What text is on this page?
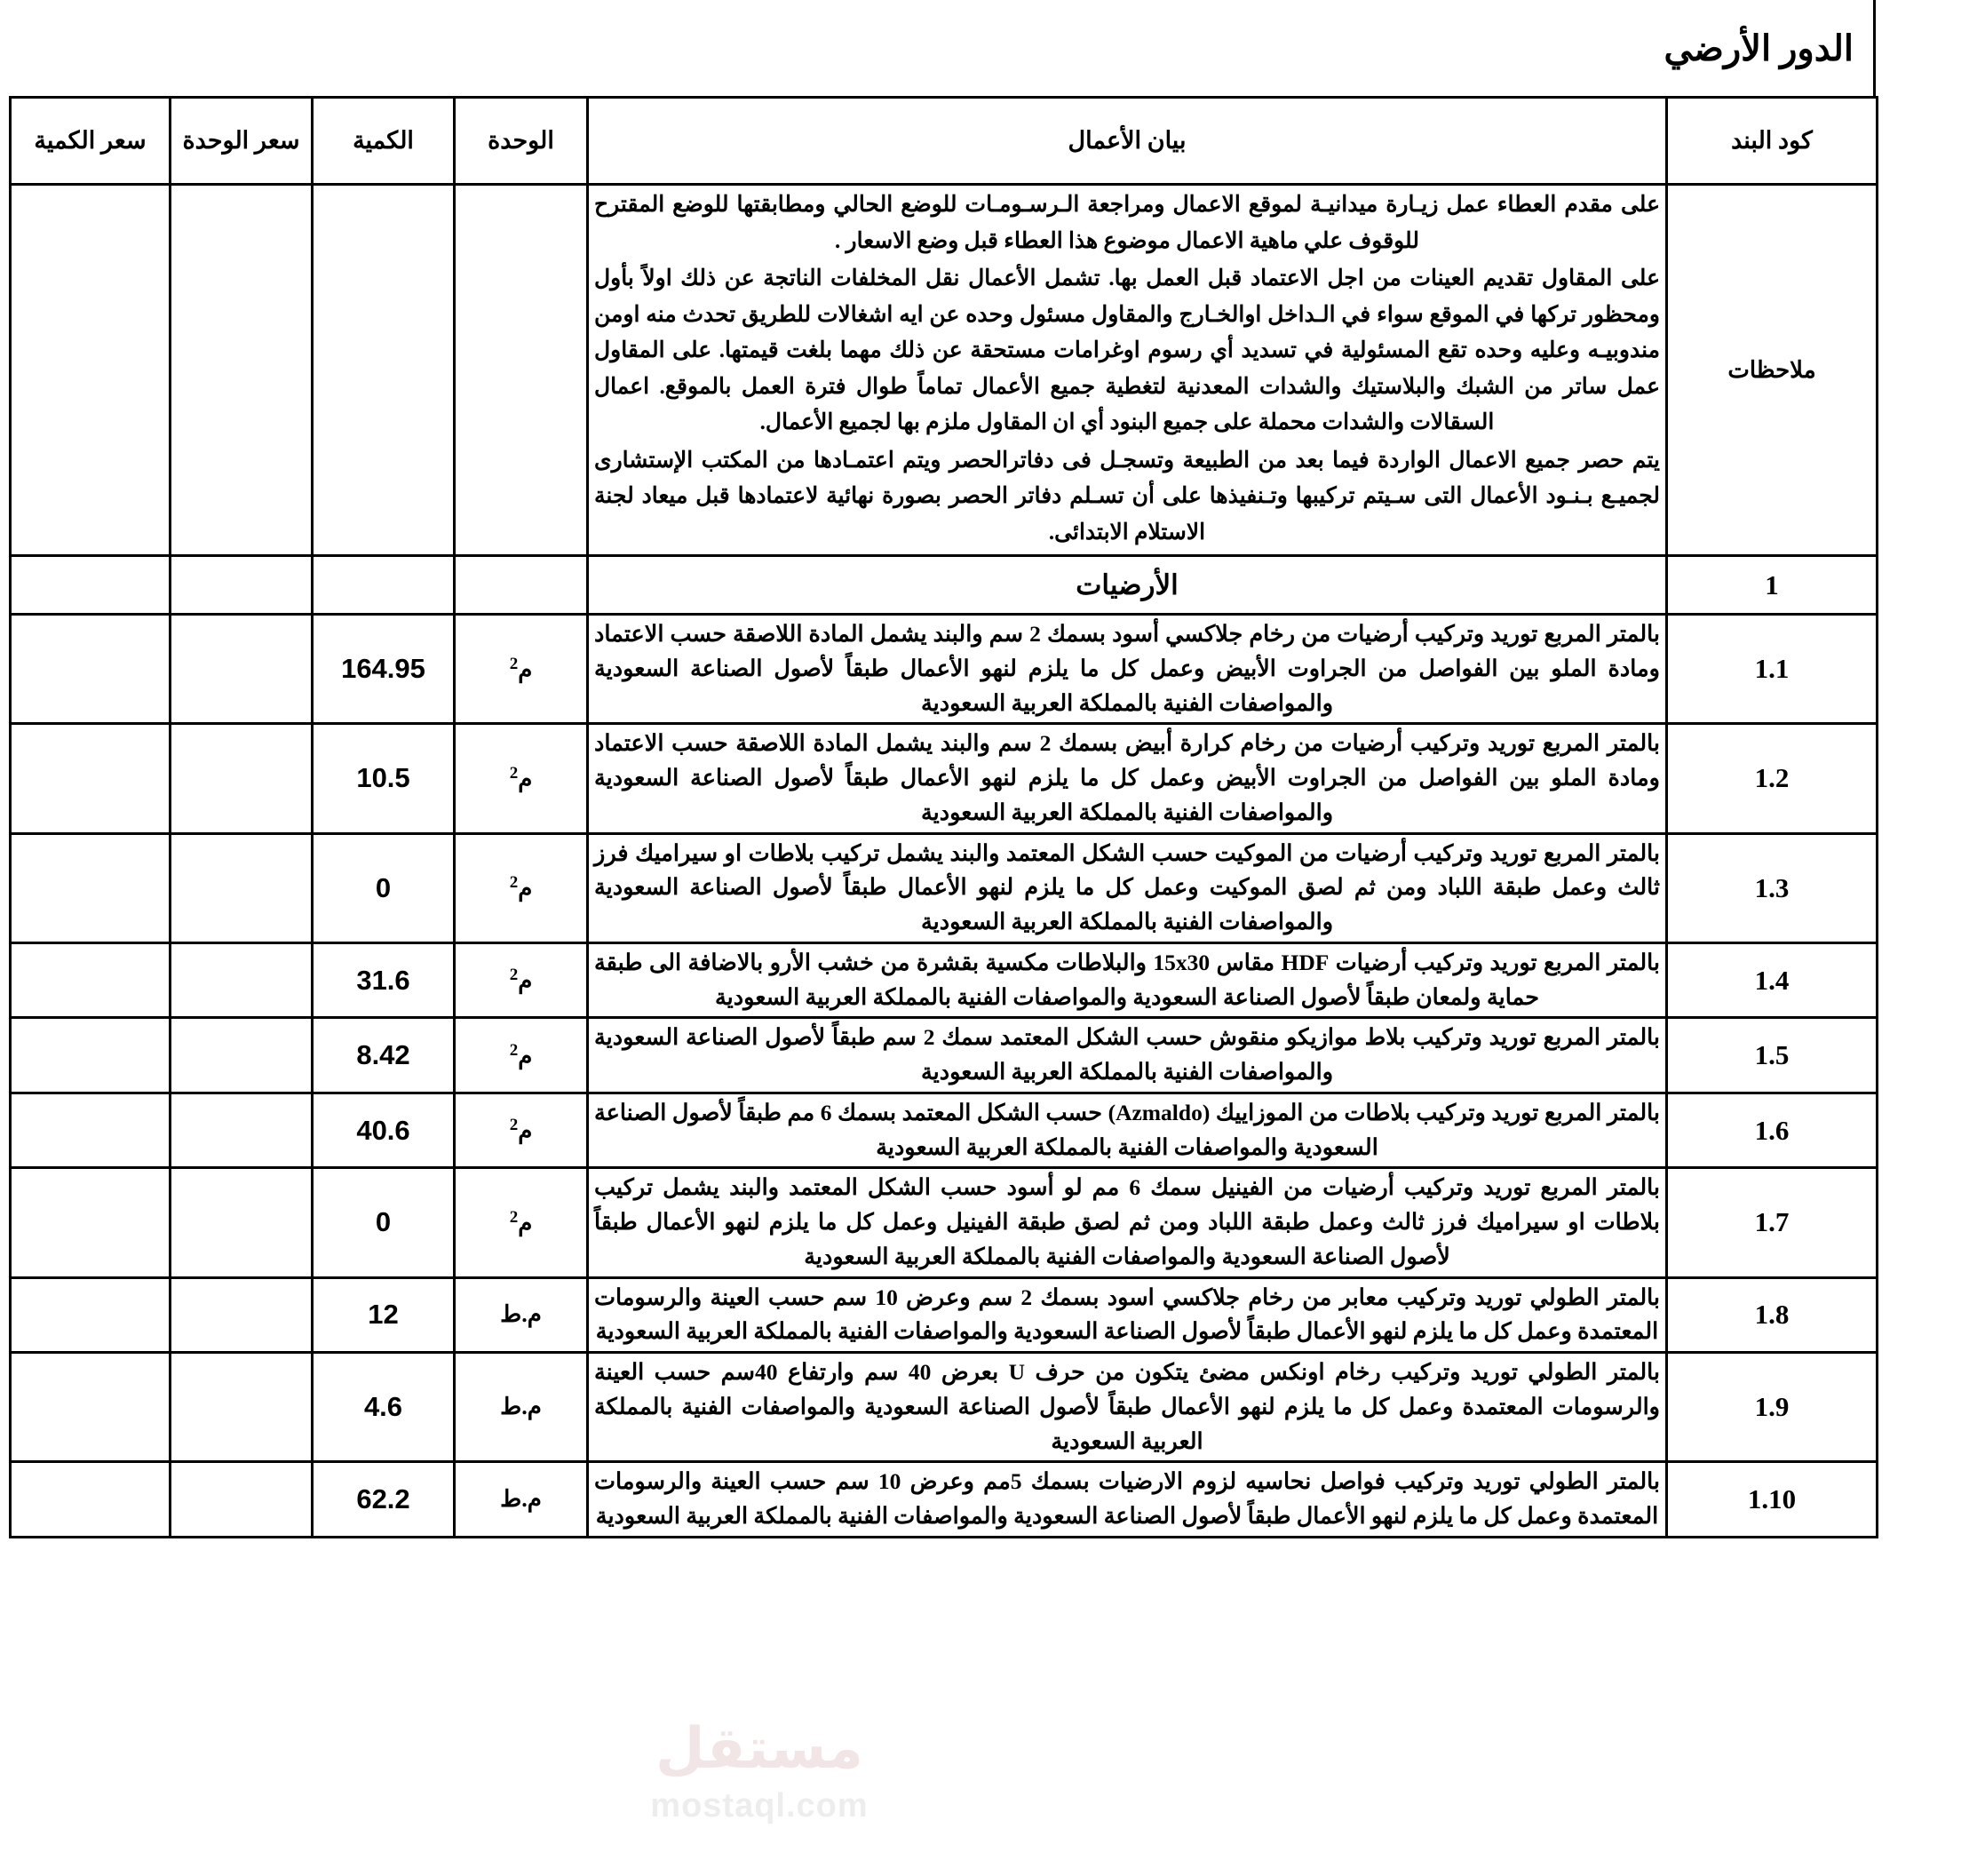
الدور الأرضي
كود البند	بيان الأعمال	الوحدة	الكمية	سعر الوحدة	سعر الكمية
ملاحظات	على مقدم العطاء عمل زيـارة ميدانيـة لموقع الاعمال ومراجعة الـرسـومـات للوضع الحالي ومطابقتها للوضع المقترح للوقوف علي ماهية الاعمال موضوع هذا العطاء قبل وضع الاسعار .

على المقاول تقديم العينات من اجل الاعتماد قبل العمل بها. تشمل الأعمال نقل المخلفات الناتجة عن ذلك اولاً بأول ومحظور تركها في الموقع سواء في الـداخل اوالخـارج والمقاول مسئول وحده عن ايه اشغالات للطريق تحدث منه اومن مندوبيـه وعليه وحده تقع المسئولية في تسديد أي رسوم اوغرامات مستحقة عن ذلك مهما بلغت قيمتها. على المقاول عمل ساتر من الشبك والبلاستيك والشدات المعدنية لتغطية جميع الأعمال تماماً طوال فترة العمل بالموقع. اعمال السقالات والشدات محملة على جميع البنود أي ان المقاول ملزم بها لجميع الأعمال.

يتم حصر جميع الاعمال الواردة فيما بعد من الطبيعة وتسجـل فى دفاترالحصر ويتم اعتمـادها من المكتب الإستشارى لجميـع بـنـود الأعمال التى سـيتم تركيبها وتـنفيذها على أن تسـلم دفاتر الحصر بصورة نهائية لاعتمادها قبل ميعاد لجنة الاستلام الابتدائى.				

1	الأرضيات				
1.1	بالمتر المربع توريد وتركيب أرضيات من رخام جلاكسي أسود بسمك 2 سم والبند يشمل المادة اللاصقة حسب الاعتماد ومادة الملو بين الفواصل من الجراوت الأبيض وعمل كل ما يلزم لنهو الأعمال طبقاً لأصول الصناعة السعودية والمواصفات الفنية بالمملكة العربية السعودية	م$^2$	164.95		
1.2	بالمتر المربع توريد وتركيب أرضيات من رخام كرارة أبيض بسمك 2 سم والبند يشمل المادة اللاصقة حسب الاعتماد ومادة الملو بين الفواصل من الجراوت الأبيض وعمل كل ما يلزم لنهو الأعمال طبقاً لأصول الصناعة السعودية والمواصفات الفنية بالمملكة العربية السعودية	م$^2$	10.5		
1.3	بالمتر المربع توريد وتركيب أرضيات من الموكيت حسب الشكل المعتمد والبند يشمل تركيب بلاطات او سيراميك فرز ثالث وعمل طبقة اللباد ومن ثم لصق الموكيت وعمل كل ما يلزم لنهو الأعمال طبقاً لأصول الصناعة السعودية والمواصفات الفنية بالمملكة العربية السعودية	م$^2$	0		
1.4	بالمتر المربع توريد وتركيب أرضيات HDF مقاس 15x30 والبلاطات مكسية بقشرة من خشب الأرو بالاضافة الى طبقة حماية ولمعان طبقاً لأصول الصناعة السعودية والمواصفات الفنية بالمملكة العربية السعودية	م$^2$	31.6		
1.5	بالمتر المربع توريد وتركيب بلاط موازيكو منقوش حسب الشكل المعتمد سمك 2 سم طبقاً لأصول الصناعة السعودية والمواصفات الفنية بالمملكة العربية السعودية	م$^2$	8.42		
1.6	بالمتر المربع توريد وتركيب بلاطات من الموزاييك (Azmaldo) حسب الشكل المعتمد بسمك 6 مم طبقاً لأصول الصناعة السعودية والمواصفات الفنية بالمملكة العربية السعودية	م$^2$	40.6		
1.7	بالمتر المربع توريد وتركيب أرضيات من الفينيل سمك 6 مم لو أسود حسب الشكل المعتمد والبند يشمل تركيب بلاطات او سيراميك فرز ثالث وعمل طبقة اللباد ومن ثم لصق طبقة الفينيل وعمل كل ما يلزم لنهو الأعمال طبقاً لأصول الصناعة السعودية والمواصفات الفنية بالمملكة العربية السعودية	م$^2$	0		
1.8	بالمتر الطولي توريد وتركيب معابر من رخام جلاكسي اسود بسمك 2 سم وعرض 10 سم حسب العينة والرسومات المعتمدة وعمل كل ما يلزم لنهو الأعمال طبقاً لأصول الصناعة السعودية والمواصفات الفنية بالمملكة العربية السعودية	م.ط	12		
1.9	بالمتر الطولي توريد وتركيب رخام اونكس مضئ يتكون من حرف U بعرض 40 سم وارتفاع 40سم حسب العينة والرسومات المعتمدة وعمل كل ما يلزم لنهو الأعمال طبقاً لأصول الصناعة السعودية والمواصفات الفنية بالمملكة العربية السعودية	م.ط	4.6		
1.10	بالمتر الطولي توريد وتركيب فواصل نحاسيه لزوم الارضيات بسمك 5مم وعرض 10 سم حسب العينة والرسومات المعتمدة وعمل كل ما يلزم لنهو الأعمال طبقاً لأصول الصناعة السعودية والمواصفات الفنية بالمملكة العربية السعودية	م.ط	62.2		
مستقل
mostaql.com
